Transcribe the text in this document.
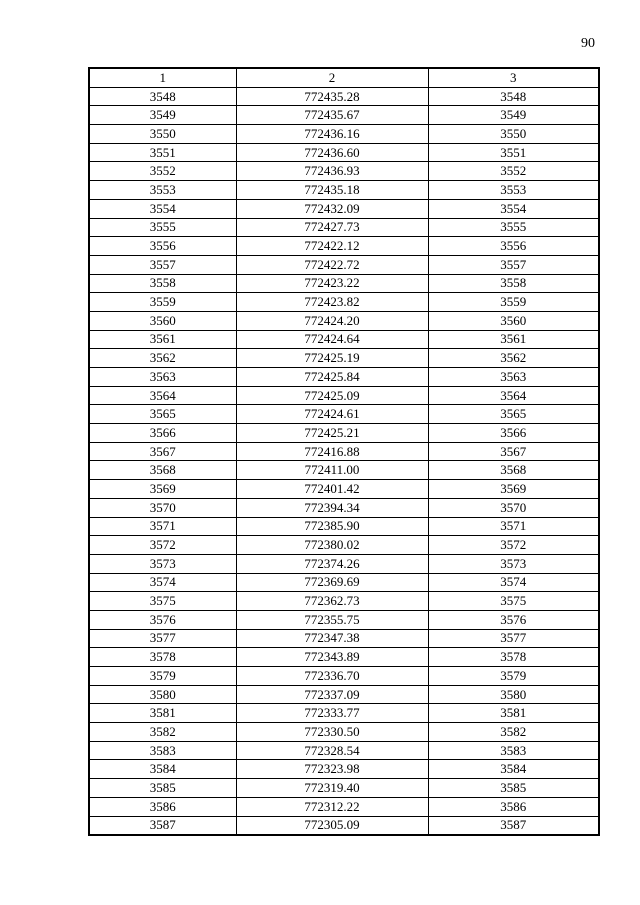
90
1	2	3
3548	772435.28	3548
3549	772435.67	3549
3550	772436.16	3550
3551	772436.60	3551
3552	772436.93	3552
3553	772435.18	3553
3554	772432.09	3554
3555	772427.73	3555
3556	772422.12	3556
3557	772422.72	3557
3558	772423.22	3558
3559	772423.82	3559
3560	772424.20	3560
3561	772424.64	3561
3562	772425.19	3562
3563	772425.84	3563
3564	772425.09	3564
3565	772424.61	3565
3566	772425.21	3566
3567	772416.88	3567
3568	772411.00	3568
3569	772401.42	3569
3570	772394.34	3570
3571	772385.90	3571
3572	772380.02	3572
3573	772374.26	3573
3574	772369.69	3574
3575	772362.73	3575
3576	772355.75	3576
3577	772347.38	3577
3578	772343.89	3578
3579	772336.70	3579
3580	772337.09	3580
3581	772333.77	3581
3582	772330.50	3582
3583	772328.54	3583
3584	772323.98	3584
3585	772319.40	3585
3586	772312.22	3586
3587	772305.09	3587
